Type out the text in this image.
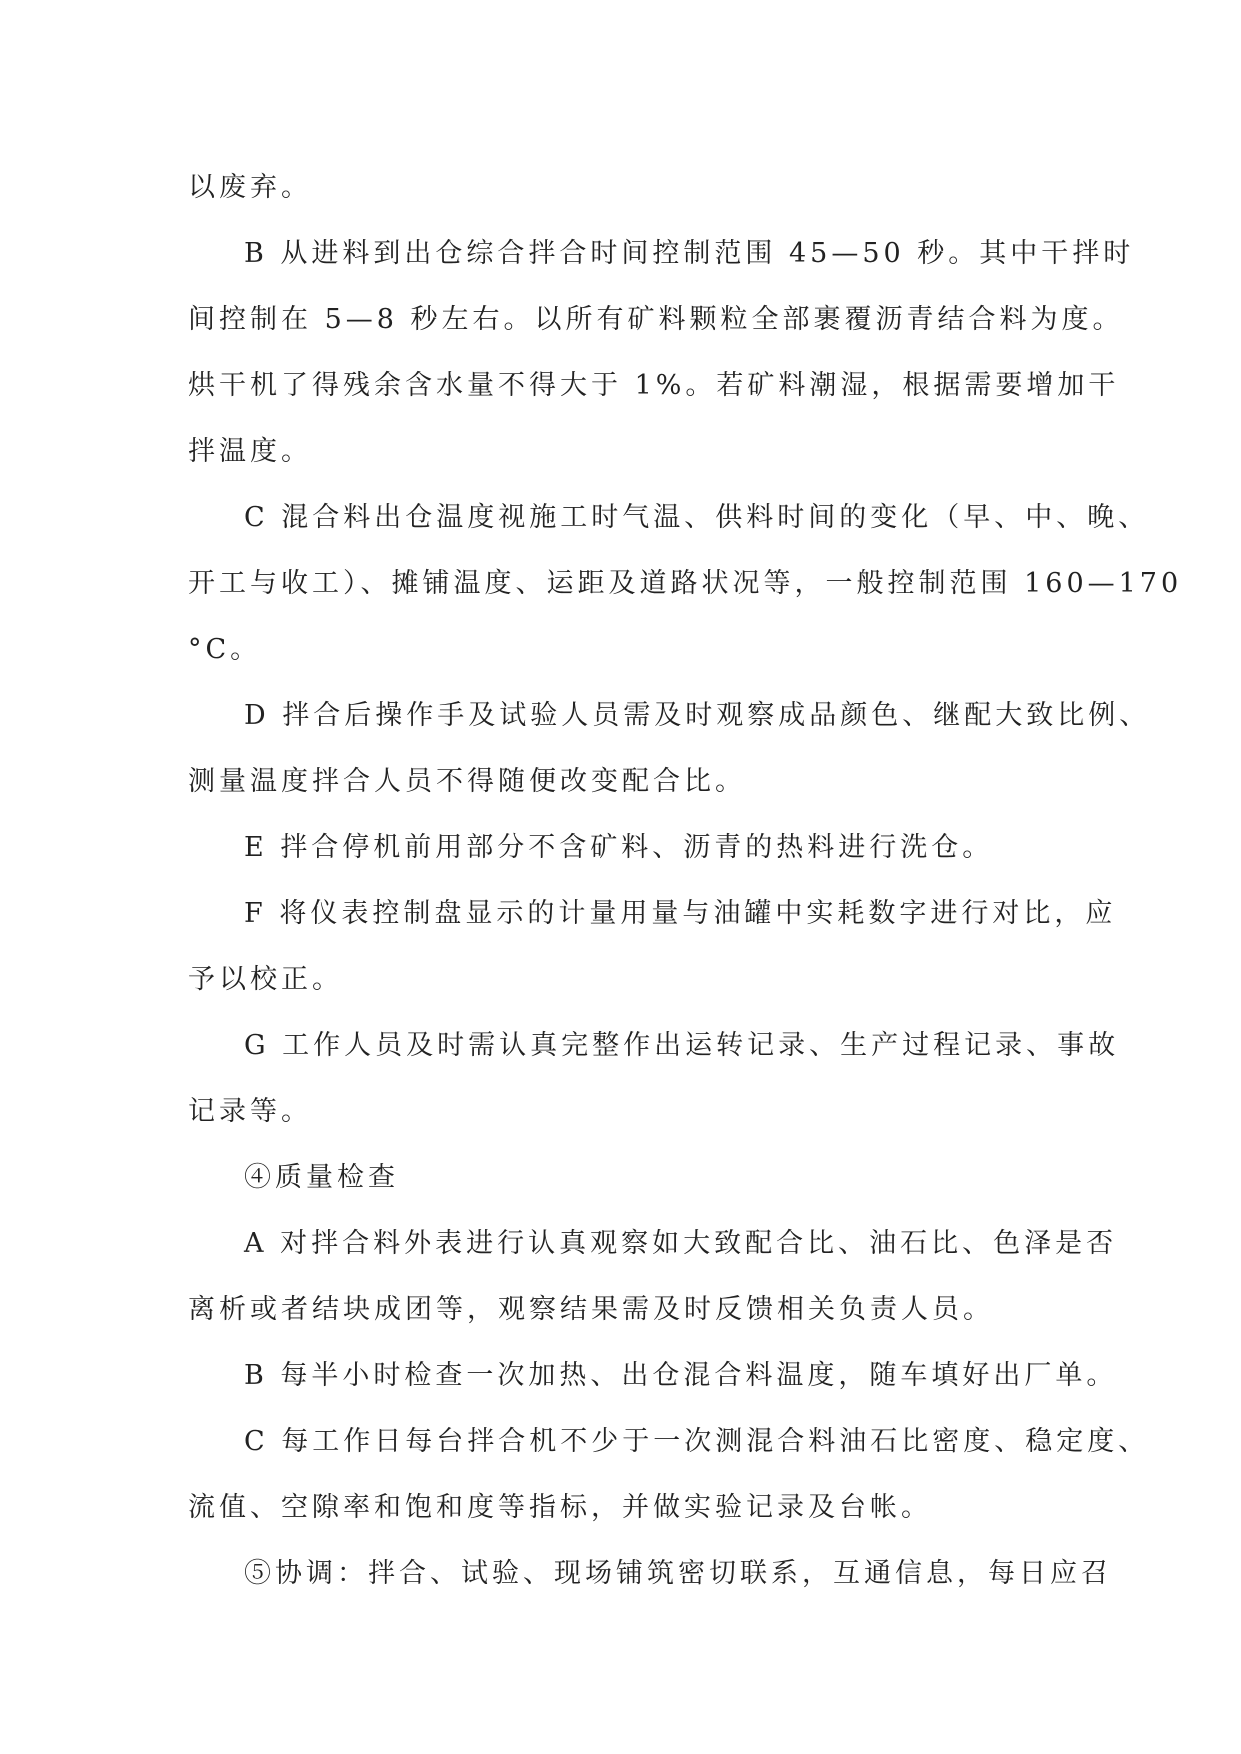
以废弃。
B 从进料到出仓综合拌合时间控制范围 45—50 秒。其中干拌时
间控制在 5—8 秒左右。以所有矿料颗粒全部裹覆沥青结合料为度。
烘干机了得残余含水量不得大于 1%。若矿料潮湿，根据需要增加干
拌温度。
C 混合料出仓温度视施工时气温、供料时间的变化（早、中、晚、
开工与收工）、摊铺温度、运距及道路状况等，一般控制范围 160—170
°C。
D 拌合后操作手及试验人员需及时观察成品颜色、继配大致比例、
测量温度拌合人员不得随便改变配合比。
E 拌合停机前用部分不含矿料、沥青的热料进行洗仓。
F 将仪表控制盘显示的计量用量与油罐中实耗数字进行对比，应
予以校正。
G 工作人员及时需认真完整作出运转记录、生产过程记录、事故
记录等。
④质量检查
A 对拌合料外表进行认真观察如大致配合比、油石比、色泽是否
离析或者结块成团等，观察结果需及时反馈相关负责人员。
B 每半小时检查一次加热、出仓混合料温度，随车填好出厂单。
C 每工作日每台拌合机不少于一次测混合料油石比密度、稳定度、
流值、空隙率和饱和度等指标，并做实验记录及台帐。
⑤协调：拌合、试验、现场铺筑密切联系，互通信息，每日应召
